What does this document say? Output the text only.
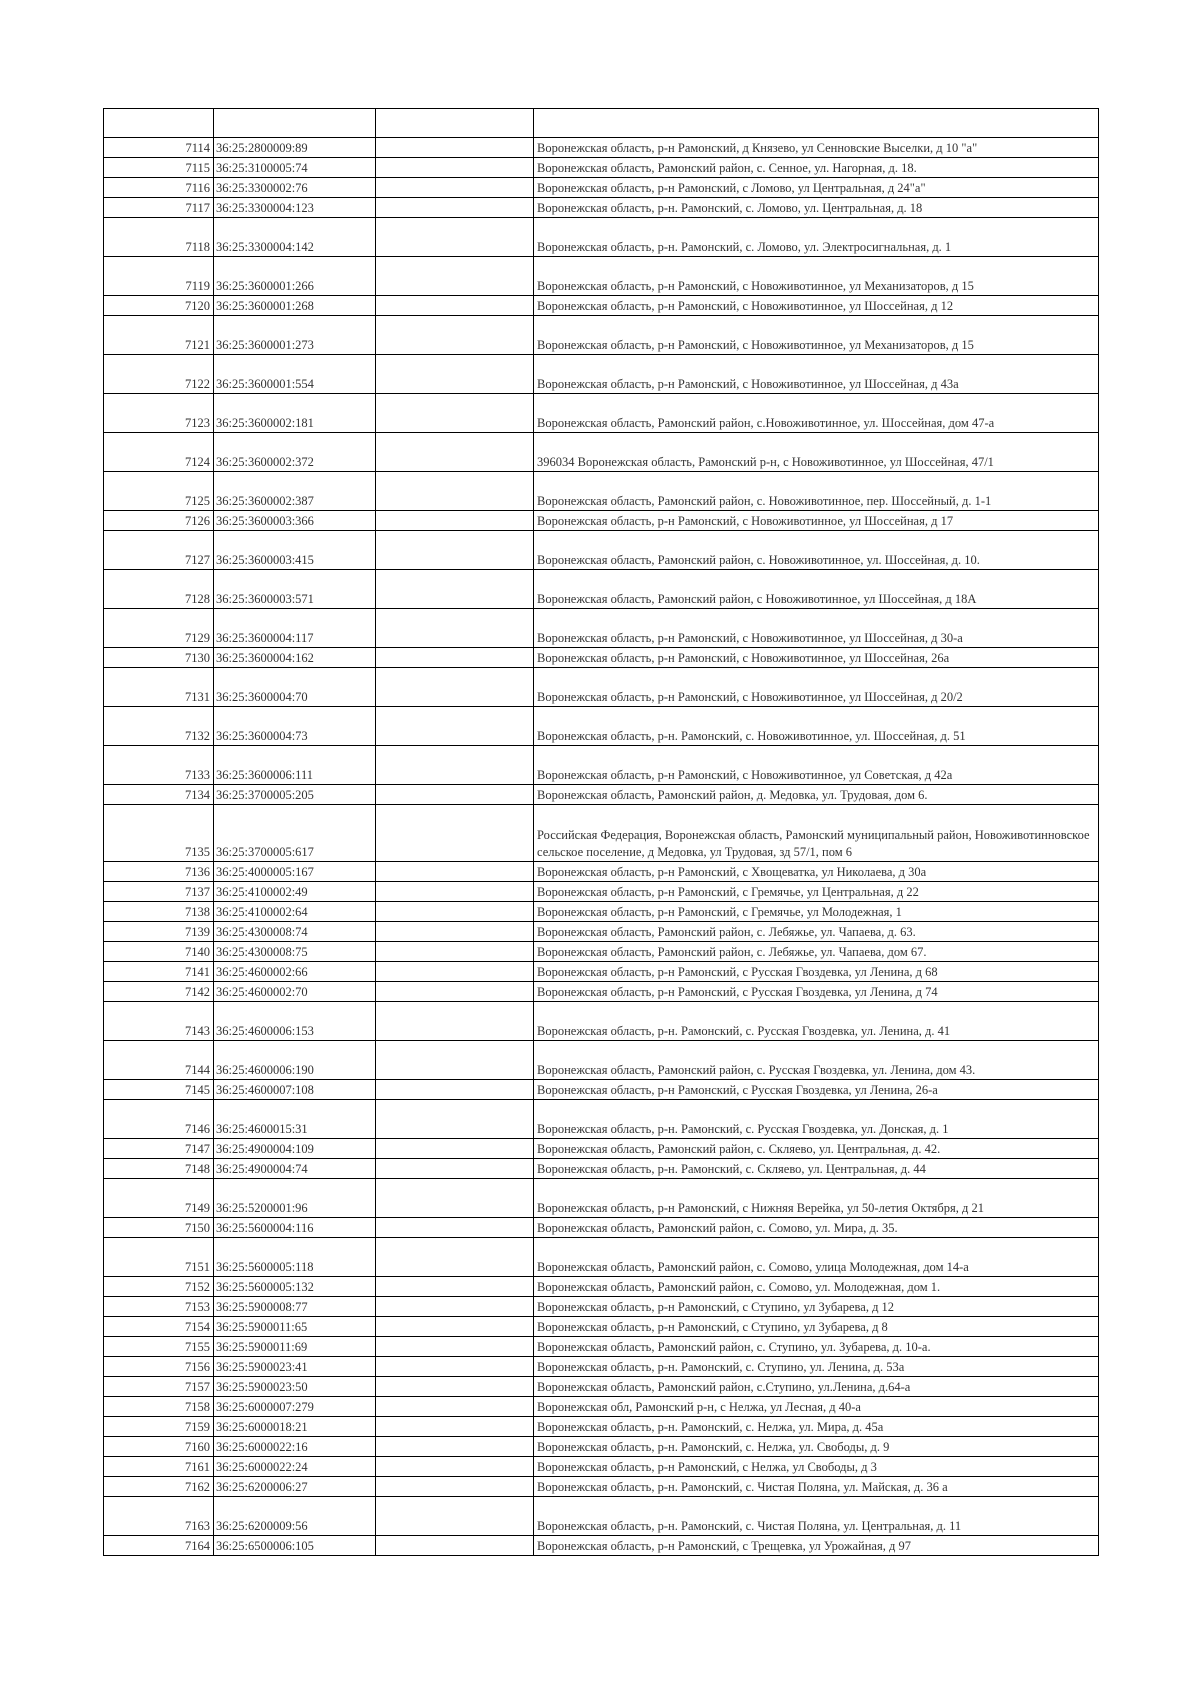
7114	36:25:2800009:89		Воронежская область, р-н Рамонский, д Князево, ул Сенновские Выселки, д 10 "а"
7115	36:25:3100005:74		Воронежская область, Рамонский район, с. Сенное, ул. Нагорная, д. 18.
7116	36:25:3300002:76		Воронежская область, р-н Рамонский, с Ломово, ул Центральная, д 24"а"
7117	36:25:3300004:123		Воронежская область, р-н. Рамонский, с. Ломово, ул. Центральная, д. 18
7118	36:25:3300004:142		Воронежская область, р-н. Рамонский, с. Ломово, ул. Электросигнальная, д. 1
7119	36:25:3600001:266		Воронежская область, р-н Рамонский, с Новоживотинное, ул Механизаторов, д 15
7120	36:25:3600001:268		Воронежская область, р-н Рамонский, с Новоживотинное, ул Шоссейная, д 12
7121	36:25:3600001:273		Воронежская область, р-н Рамонский, с Новоживотинное, ул Механизаторов, д 15
7122	36:25:3600001:554		Воронежская область, р-н Рамонский, с Новоживотинное, ул Шоссейная, д 43а
7123	36:25:3600002:181		Воронежская область, Рамонский район, с.Новоживотинное, ул. Шоссейная, дом 47-а
7124	36:25:3600002:372		396034 Воронежская область, Рамонский р-н, с Новоживотинное, ул Шоссейная, 47/1
7125	36:25:3600002:387		Воронежская область, Рамонский район, с. Новоживотинное, пер. Шоссейный, д. 1-1
7126	36:25:3600003:366		Воронежская область, р-н Рамонский, с Новоживотинное, ул Шоссейная, д 17
7127	36:25:3600003:415		Воронежская область, Рамонский район, с. Новоживотинное, ул. Шоссейная, д. 10.
7128	36:25:3600003:571		Воронежская область, Рамонский район, с Новоживотинное, ул Шоссейная, д 18А
7129	36:25:3600004:117		Воронежская область, р-н Рамонский, с Новоживотинное, ул Шоссейная, д 30-а
7130	36:25:3600004:162		Воронежская область, р-н Рамонский, с Новоживотинное, ул Шоссейная, 26а
7131	36:25:3600004:70		Воронежская область, р-н Рамонский, с Новоживотинное, ул Шоссейная, д 20/2
7132	36:25:3600004:73		Воронежская область, р-н. Рамонский, с. Новоживотинное, ул. Шоссейная, д. 51
7133	36:25:3600006:111		Воронежская область, р-н Рамонский, с Новоживотинное, ул Советская, д 42а
7134	36:25:3700005:205		Воронежская область, Рамонский район, д. Медовка, ул. Трудовая, дом 6.
7135	36:25:3700005:617		Российская Федерация, Воронежская область, Рамонский муниципальный район, Новоживотинновское сельское поселение, д Медовка, ул Трудовая, зд 57/1, пом 6
7136	36:25:4000005:167		Воронежская область, р-н Рамонский, с Хвощеватка, ул Николаева, д 30а
7137	36:25:4100002:49		Воронежская область, р-н Рамонский, с Гремячье, ул Центральная, д 22
7138	36:25:4100002:64		Воронежская область, р-н Рамонский, с Гремячье, ул Молодежная, 1
7139	36:25:4300008:74		Воронежская область, Рамонский район, с. Лебяжье, ул. Чапаева, д. 63.
7140	36:25:4300008:75		Воронежская область, Рамонский район, с. Лебяжье, ул. Чапаева, дом 67.
7141	36:25:4600002:66		Воронежская область, р-н Рамонский, с Русская Гвоздевка, ул Ленина, д 68
7142	36:25:4600002:70		Воронежская область, р-н Рамонский, с Русская Гвоздевка, ул Ленина, д 74
7143	36:25:4600006:153		Воронежская область, р-н. Рамонский, с. Русская Гвоздевка, ул. Ленина, д. 41
7144	36:25:4600006:190		Воронежская область, Рамонский район, с. Русская Гвоздевка, ул. Ленина, дом 43.
7145	36:25:4600007:108		Воронежская область, р-н Рамонский, с Русская Гвоздевка, ул Ленина, 26-а
7146	36:25:4600015:31		Воронежская область, р-н. Рамонский, с. Русская Гвоздевка, ул. Донская, д. 1
7147	36:25:4900004:109		Воронежская область, Рамонский район, с. Скляево, ул. Центральная, д. 42.
7148	36:25:4900004:74		Воронежская область, р-н. Рамонский, с. Скляево, ул. Центральная, д. 44
7149	36:25:5200001:96		Воронежская область, р-н Рамонский, с Нижняя Верейка, ул 50-летия Октября, д 21
7150	36:25:5600004:116		Воронежская область, Рамонский район, с. Сомово, ул. Мира, д. 35.
7151	36:25:5600005:118		Воронежская область, Рамонский район, с. Сомово, улица Молодежная, дом 14-а
7152	36:25:5600005:132		Воронежская область, Рамонский район, с. Сомово, ул. Молодежная, дом 1.
7153	36:25:5900008:77		Воронежская область, р-н Рамонский, с Ступино, ул Зубарева, д 12
7154	36:25:5900011:65		Воронежская область, р-н Рамонский, с Ступино, ул Зубарева, д 8
7155	36:25:5900011:69		Воронежская область, Рамонский район, с. Ступино, ул. Зубарева, д. 10-а.
7156	36:25:5900023:41		Воронежская область, р-н. Рамонский, с. Ступино, ул. Ленина, д. 53а
7157	36:25:5900023:50		Воронежская область, Рамонский район, с.Ступино, ул.Ленина, д.64-а
7158	36:25:6000007:279		Воронежская обл, Рамонский р-н, с Нелжа, ул Лесная, д 40-а
7159	36:25:6000018:21		Воронежская область, р-н. Рамонский, с. Нелжа, ул. Мира, д. 45а
7160	36:25:6000022:16		Воронежская область, р-н. Рамонский, с. Нелжа, ул. Свободы, д. 9
7161	36:25:6000022:24		Воронежская область, р-н Рамонский, с Нелжа, ул Свободы, д 3
7162	36:25:6200006:27		Воронежская область, р-н. Рамонский, с. Чистая Поляна, ул. Майская, д. 36 а
7163	36:25:6200009:56		Воронежская область, р-н. Рамонский, с. Чистая Поляна, ул. Центральная, д. 11
7164	36:25:6500006:105		Воронежская область, р-н Рамонский, с Трещевка, ул Урожайная, д 97
